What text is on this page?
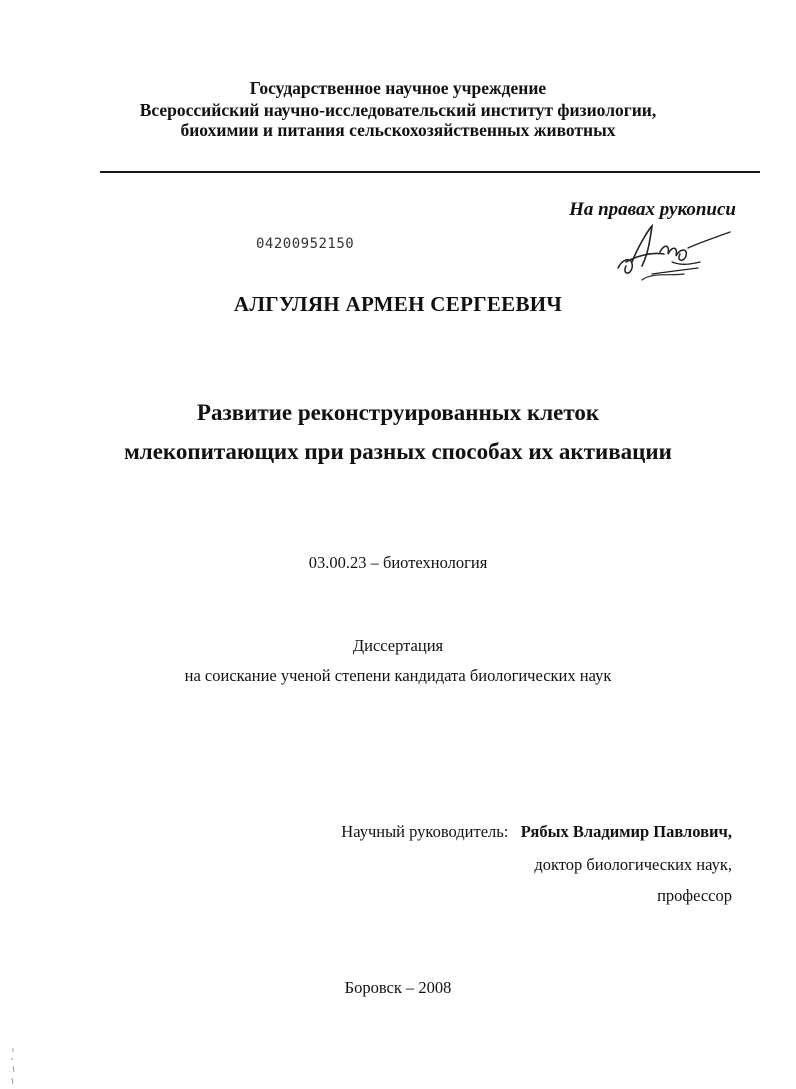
Государственное научное учреждение
Всероссийский научно-исследовательский институт физиологии,
биохимии и питания сельскохозяйственных животных
На правах рукописи
04200952150
АЛГУЛЯН АРМЕН СЕРГЕЕВИЧ
Развитие реконструированных клеток
млекопитающих при разных способах их активации
03.00.23 – биотехнология
Диссертация
на соискание ученой степени кандидата биологических наук
Научный руководитель: Рябых Владимир Павлович,
доктор биологических наук,
профессор
Боровск – 2008
